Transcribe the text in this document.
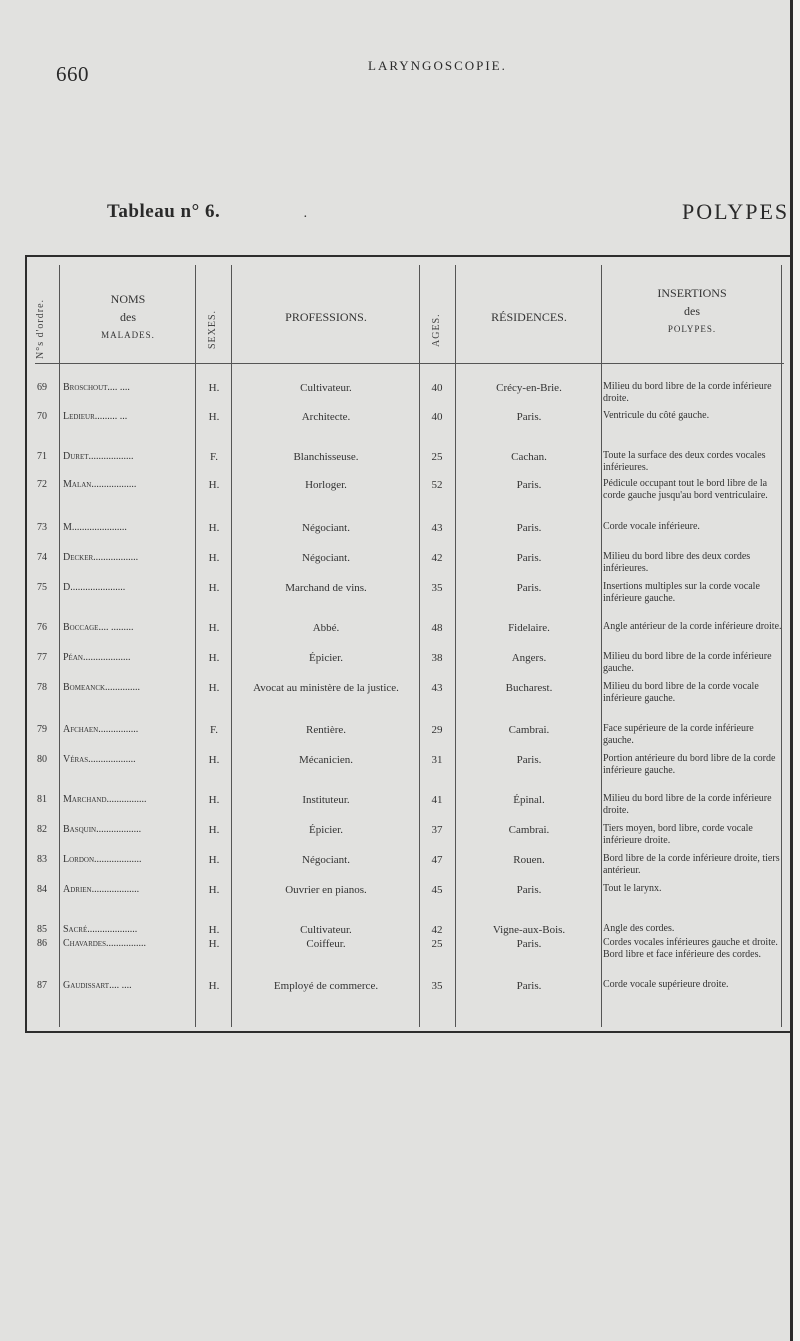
660	LARYNGOSCOPIE.
Tableau n° 6.	·	POLYPES
N°s d'ordre.	NOMS
des
MALADES.	SEXES.	PROFESSIONS.	AGES.	RÉSIDENCES.
INSERTIONS
des
POLYPES.
69	Broschout.... ....	H.	Cultivateur.	40	Crécy-en-Brie.	Milieu du bord libre de la corde inférieure droite.
70	Ledieur......... ...	H.	Architecte.	40	Paris.	Ventricule du côté gauche.
71	Duret..................	F.	Blanchisseuse.	25	Cachan.	Toute la surface des deux cordes vocales inférieures.
72	Malan..................	H.	Horloger.	52	Paris.	Pédicule occupant tout le bord libre de la corde gauche jusqu'au bord ventriculaire.
73	M......................	H.	Négociant.	43	Paris.	Corde vocale inférieure.
74	Decker..................	H.	Négociant.	42	Paris.	Milieu du bord libre des deux cordes inférieures.
75	D......................	H.	Marchand de vins.	35	Paris.	Insertions multiples sur la corde vocale inférieure gauche.
76	Boccage.... .........	H.	Abbé.	48	Fidelaire.	Angle antérieur de la corde inférieure droite.
77	Péan...................	H.	Épicier.	38	Angers.	Milieu du bord libre de la corde inférieure gauche.
78	Bomeanck..............	H.	Avocat au ministère de la justice.	43	Bucharest.	Milieu du bord libre de la corde vocale inférieure gauche.
79	Afchaen................	F.	Rentière.	29	Cambrai.	Face supérieure de la corde inférieure gauche.
80	Véras...................	H.	Mécanicien.	31	Paris.	Portion antérieure du bord libre de la corde inférieure gauche.
81	Marchand................	H.	Instituteur.	41	Épinal.	Milieu du bord libre de la corde inférieure droite.
82	Basquin..................	H.	Épicier.	37	Cambrai.	Tiers moyen, bord libre, corde vocale inférieure droite.
83	Lordon...................	H.	Négociant.	47	Rouen.	Bord libre de la corde inférieure droite, tiers antérieur.
84	Adrien...................	H.	Ouvrier en pianos.	45	Paris.	Tout le larynx.
85	Sacré....................	H.	Cultivateur.	42	Vigne-aux-Bois.	Angle des cordes.
86	Chavardes................	H.	Coiffeur.	25	Paris.	Cordes vocales inférieures gauche et droite. Bord libre et face inférieure des cordes.
87	Gaudissart.... ....	H.	Employé de commerce.	35	Paris.	Corde vocale supérieure droite.
